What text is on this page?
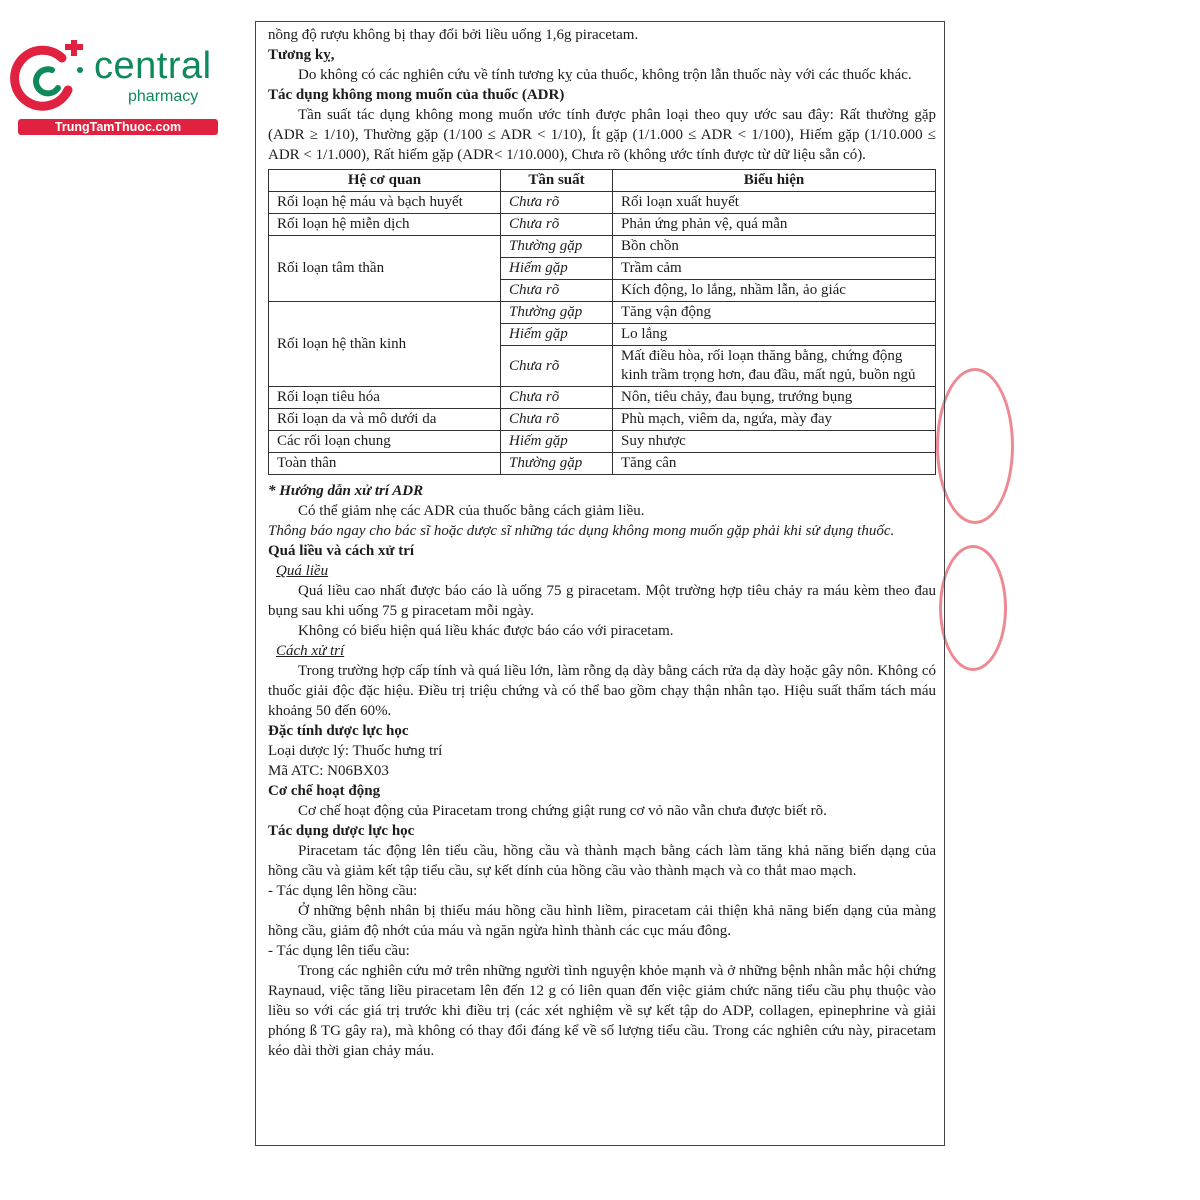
central
pharmacy
TrungTamThuoc.com

nồng độ rượu không bị thay đổi bởi liều uống 1,6g piracetam.

Tương kỵ,

Do không có các nghiên cứu về tính tương kỵ của thuốc, không trộn lẫn thuốc này với các thuốc khác.

Tác dụng không mong muốn của thuốc (ADR)

Tần suất tác dụng không mong muốn ước tính được phân loại theo quy ước sau đây: Rất thường gặp (ADR ≥ 1/10), Thường gặp (1/100 ≤ ADR < 1/10), Ít gặp (1/1.000 ≤ ADR < 1/100), Hiếm gặp (1/10.000 ≤ ADR < 1/1.000), Rất hiếm gặp (ADR< 1/10.000), Chưa rõ (không ước tính được từ dữ liệu sẵn có).

Hệ cơ quan	Tần suất	Biểu hiện
Rối loạn hệ máu và bạch huyết	Chưa rõ	Rối loạn xuất huyết
Rối loạn hệ miễn dịch	Chưa rõ	Phản ứng phản vệ, quá mẫn
Rối loạn tâm thần	Thường gặp	Bồn chồn
	Hiếm gặp	Trầm cảm
	Chưa rõ	Kích động, lo lắng, nhầm lẫn, ảo giác
Rối loạn hệ thần kinh	Thường gặp	Tăng vận động
	Hiếm gặp	Lo lắng
	Chưa rõ	Mất điều hòa, rối loạn thăng bằng, chứng động kinh trầm trọng hơn, đau đầu, mất ngủ, buồn ngủ
Rối loạn tiêu hóa	Chưa rõ	Nôn, tiêu chảy, đau bụng, trướng bụng
Rối loạn da và mô dưới da	Chưa rõ	Phù mạch, viêm da, ngứa, mày đay
Các rối loạn chung	Hiếm gặp	Suy nhược
Toàn thân	Thường gặp	Tăng cân

* Hướng dẫn xử trí ADR

Có thể giảm nhẹ các ADR của thuốc bằng cách giảm liều.

Thông báo ngay cho bác sĩ hoặc dược sĩ những tác dụng không mong muốn gặp phải khi sử dụng thuốc.

Quá liều và cách xử trí

Quá liều

Quá liều cao nhất được báo cáo là uống 75 g piracetam. Một trường hợp tiêu chảy ra máu kèm theo đau bụng sau khi uống 75 g piracetam mỗi ngày.

Không có biểu hiện quá liều khác được báo cáo với piracetam.

Cách xử trí

Trong trường hợp cấp tính và quá liều lớn, làm rỗng dạ dày bằng cách rửa dạ dày hoặc gây nôn. Không có thuốc giải độc đặc hiệu. Điều trị triệu chứng và có thể bao gồm chạy thận nhân tạo. Hiệu suất thẩm tách máu khoảng 50 đến 60%.

Đặc tính dược lực học

Loại dược lý: Thuốc hưng trí

Mã ATC: N06BX03

Cơ chế hoạt động

Cơ chế hoạt động của Piracetam trong chứng giật rung cơ vỏ não vẫn chưa được biết rõ.

Tác dụng dược lực học

Piracetam tác động lên tiểu cầu, hồng cầu và thành mạch bằng cách làm tăng khả năng biến dạng của hồng cầu và giảm kết tập tiểu cầu, sự kết dính của hồng cầu vào thành mạch và co thắt mao mạch.

- Tác dụng lên hồng cầu:

Ở những bệnh nhân bị thiếu máu hồng cầu hình liềm, piracetam cải thiện khả năng biến dạng của màng hồng cầu, giảm độ nhớt của máu và ngăn ngừa hình thành các cục máu đông.

- Tác dụng lên tiểu cầu:

Trong các nghiên cứu mở trên những người tình nguyện khỏe mạnh và ở những bệnh nhân mắc hội chứng Raynaud, việc tăng liều piracetam lên đến 12 g có liên quan đến việc giảm chức năng tiểu cầu phụ thuộc vào liều so với các giá trị trước khi điều trị (các xét nghiệm về sự kết tập do ADP, collagen, epinephrine và giải phóng ß TG gây ra), mà không có thay đổi đáng kể về số lượng tiểu cầu. Trong các nghiên cứu này, piracetam kéo dài thời gian chảy máu.
